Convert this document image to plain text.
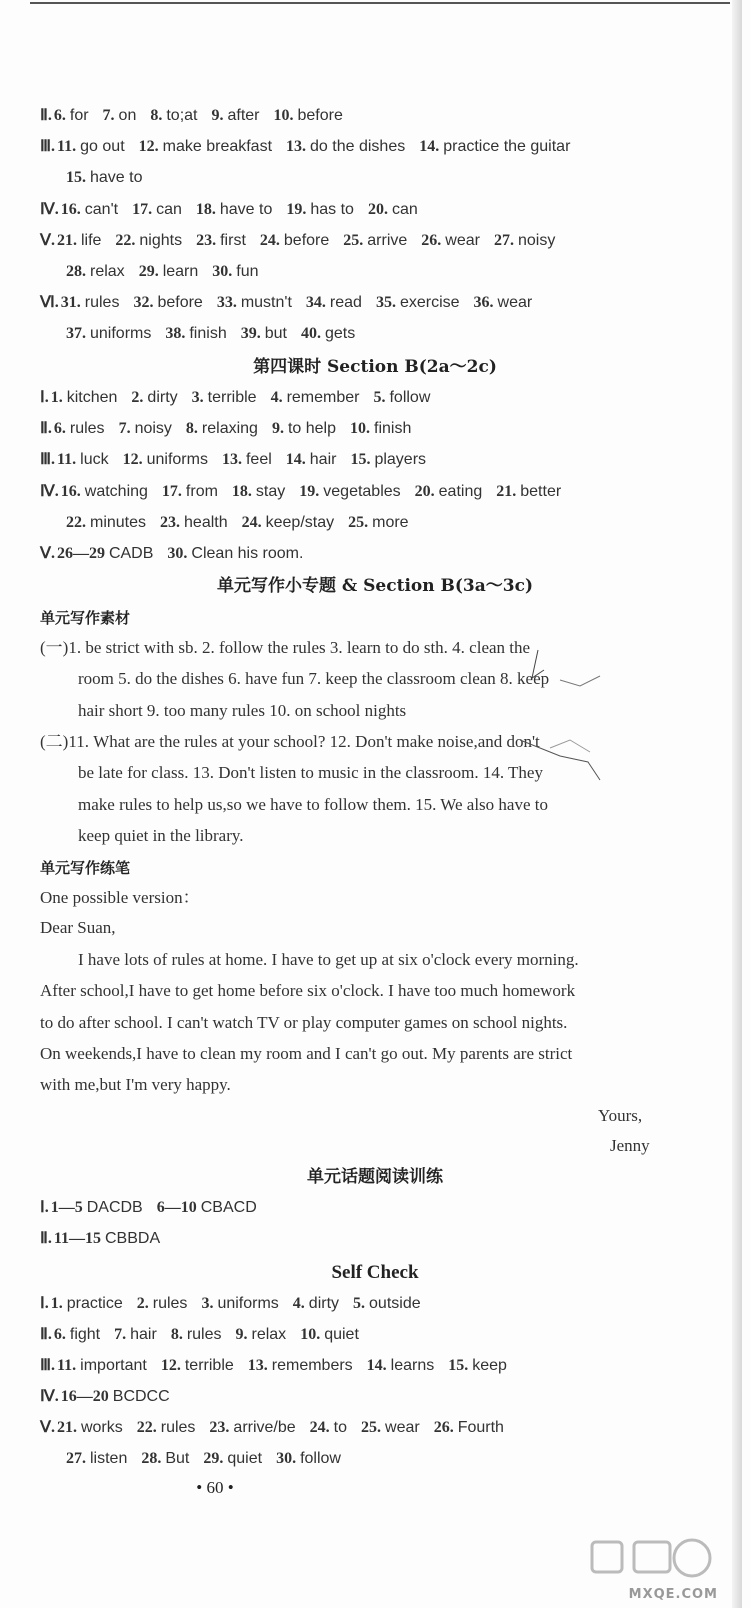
Ⅱ. 6. for 7. on 8. to;at 9. after 10. before
Ⅲ. 11. go out 12. make breakfast 13. do the dishes 14. practice the guitar
15. have to
Ⅳ. 16. can't 17. can 18. have to 19. has to 20. can
Ⅴ. 21. life 22. nights 23. first 24. before 25. arrive 26. wear 27. noisy
28. relax 29. learn 30. fun
Ⅵ. 31. rules 32. before 33. mustn't 34. read 35. exercise 36. wear
37. uniforms 38. finish 39. but 40. gets
第四课时 Section B(2a～2c)
Ⅰ. 1. kitchen 2. dirty 3. terrible 4. remember 5. follow
Ⅱ. 6. rules 7. noisy 8. relaxing 9. to help 10. finish
Ⅲ. 11. luck 12. uniforms 13. feel 14. hair 15. players
Ⅳ. 16. watching 17. from 18. stay 19. vegetables 20. eating 21. better
22. minutes 23. health 24. keep/stay 25. more
Ⅴ. 26—29 CADB 30. Clean his room.
单元写作小专题 & Section B(3a～3c)
单元写作素材
(一)1. be strict with sb. 2. follow the rules 3. learn to do sth. 4. clean the
room 5. do the dishes 6. have fun 7. keep the classroom clean 8. keep
hair short 9. too many rules 10. on school nights
(二)11. What are the rules at your school? 12. Don't make noise,and don't
be late for class. 13. Don't listen to music in the classroom. 14. They
make rules to help us,so we have to follow them. 15. We also have to
keep quiet in the library.
单元写作练笔
One possible version：
Dear Suan,
I have lots of rules at home. I have to get up at six o'clock every morning.
After school,I have to get home before six o'clock. I have too much homework
to do after school. I can't watch TV or play computer games on school nights.
On weekends,I have to clean my room and I can't go out. My parents are strict
with me,but I'm very happy.
Yours,
Jenny
单元话题阅读训练
Ⅰ. 1—5 DACDB 6—10 CBACD
Ⅱ. 11—15 CBBDA
Self Check
Ⅰ. 1. practice 2. rules 3. uniforms 4. dirty 5. outside
Ⅱ. 6. fight 7. hair 8. rules 9. relax 10. quiet
Ⅲ. 11. important 12. terrible 13. remembers 14. learns 15. keep
Ⅳ. 16—20 BCDCC
Ⅴ. 21. works 22. rules 23. arrive/be 24. to 25. wear 26. Fourth
27. listen 28. But 29. quiet 30. follow
• 60 •
MXQE.COM
